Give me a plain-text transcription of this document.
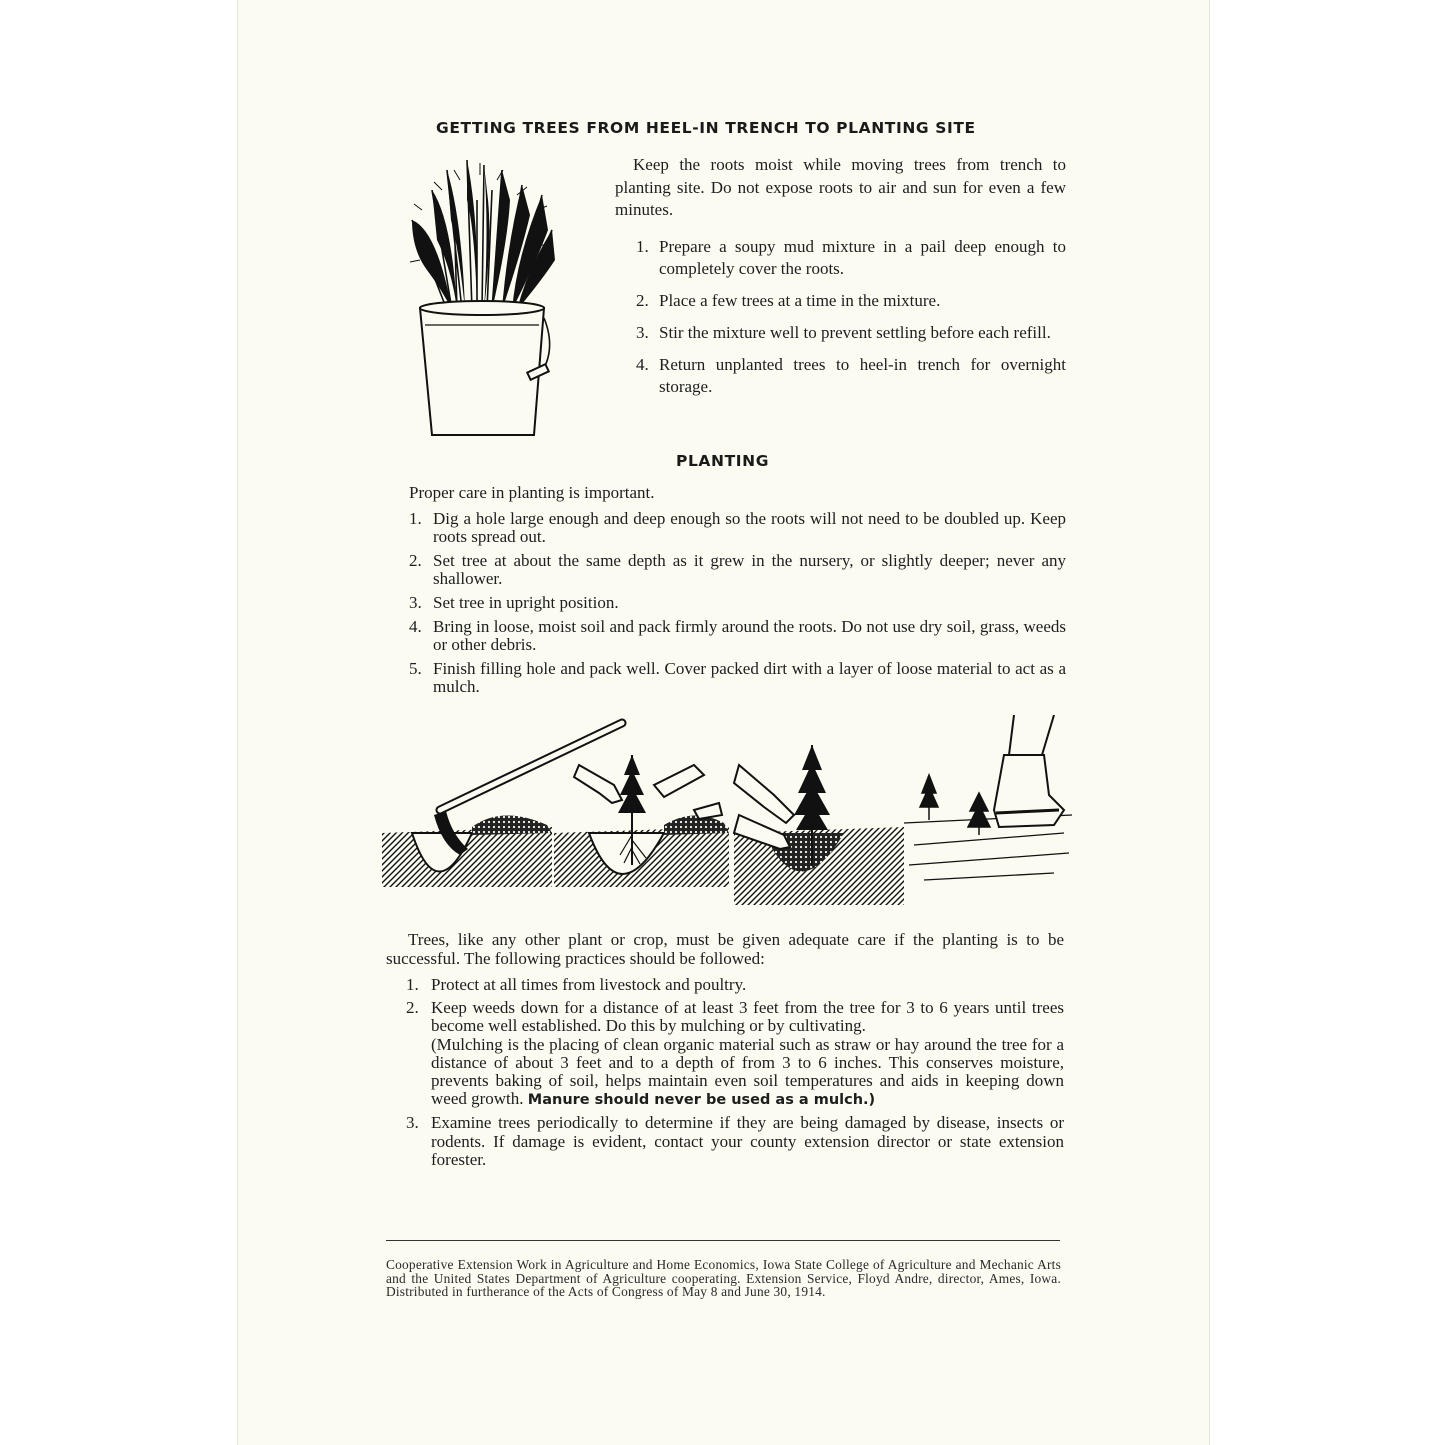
GETTING TREES FROM HEEL-IN TRENCH TO PLANTING SITE
Keep the roots moist while moving trees from trench to planting site. Do not expose roots to air and sun for even a few minutes.
1. Prepare a soupy mud mixture in a pail deep enough to completely cover the roots.
2. Place a few trees at a time in the mixture.
3. Stir the mixture well to prevent settling before each refill.
4. Return unplanted trees to heel-in trench for overnight storage.
PLANTING
Proper care in planting is important.
1. Dig a hole large enough and deep enough so the roots will not need to be doubled up. Keep roots spread out.
2. Set tree at about the same depth as it grew in the nursery, or slightly deeper; never any shallower.
3. Set tree in upright position.
4. Bring in loose, moist soil and pack firmly around the roots. Do not use dry soil, grass, weeds or other debris.
5. Finish filling hole and pack well. Cover packed dirt with a layer of loose material to act as a mulch.
Trees, like any other plant or crop, must be given adequate care if the planting is to be successful. The following practices should be followed:
1. Protect at all times from livestock and poultry.
2. Keep weeds down for a distance of at least 3 feet from the tree for 3 to 6 years until trees become well established. Do this by mulching or by cultivating.
(Mulching is the placing of clean organic material such as straw or hay around the tree for a distance of about 3 feet and to a depth of from 3 to 6 inches. This conserves moisture, prevents baking of soil, helps maintain even soil temperatures and aids in keeping down weed growth. Manure should never be used as a mulch.)
3. Examine trees periodically to determine if they are being damaged by disease, insects or rodents. If damage is evident, contact your county extension director or state extension forester.
Cooperative Extension Work in Agriculture and Home Economics, Iowa State College of Agriculture and Mechanic Arts and the United States Department of Agriculture cooperating. Extension Service, Floyd Andre, director, Ames, Iowa. Distributed in furtherance of the Acts of Congress of May 8 and June 30, 1914.
